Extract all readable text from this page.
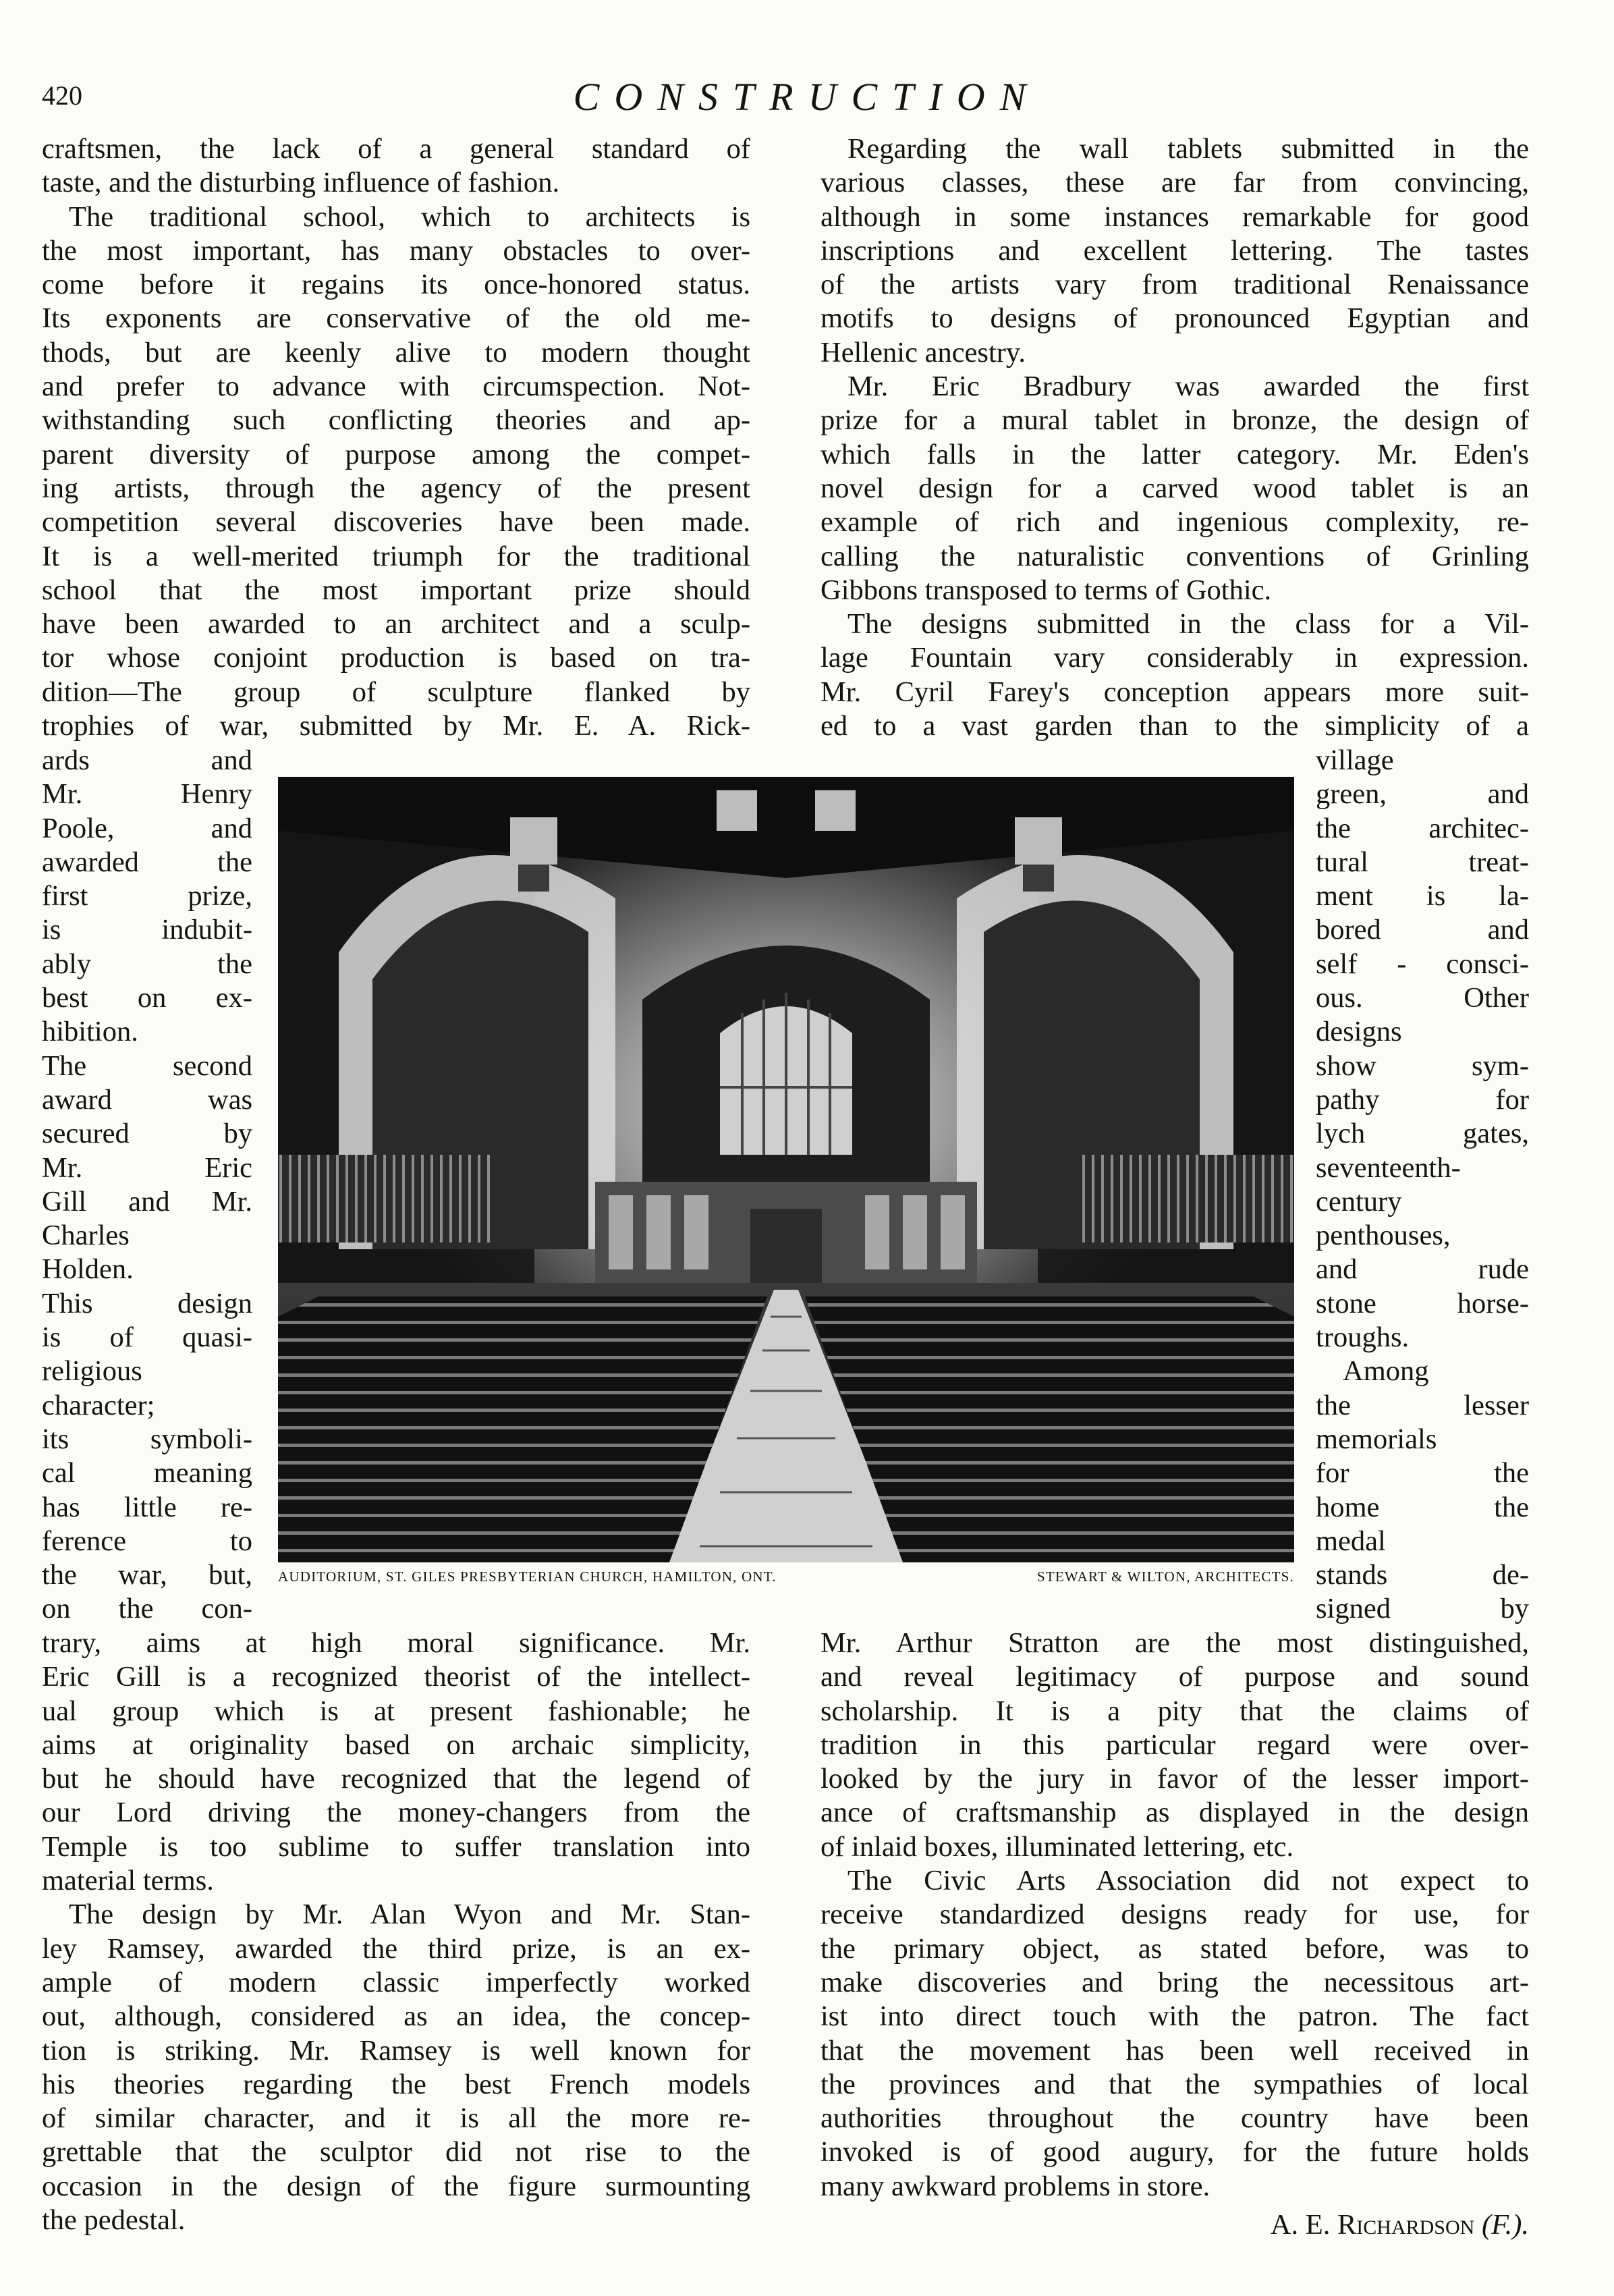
420	CONSTRUCTION
craftsmen, the lack of a general standard of
taste, and the disturbing influence of fashion.
The traditional school, which to architects is
the most important, has many obstacles to over-
come before it regains its once-honored status.
Its exponents are conservative of the old me-
thods, but are keenly alive to modern thought
and prefer to advance with circumspection. Not-
withstanding such conflicting theories and ap-
parent diversity of purpose among the compet-
ing artists, through the agency of the present
competition several discoveries have been made.
It is a well-merited triumph for the traditional
school that the most important prize should
have been awarded to an architect and a sculp-
tor whose conjoint production is based on tra-
dition—The group of sculpture flanked by
trophies of war, submitted by Mr. E. A. Rick-
ards and
Mr. Henry
Poole, and
awarded the
first prize,
is indubit-
ably the
best on ex-
hibition.
The second
award was
secured by
Mr. Eric
Gill and Mr.
Charles
Holden.
This design
is of quasi-
religious
character;
its symboli-
cal meaning
has little re-
ference to
the war, but,
on the con-
trary, aims at high moral significance. Mr.
Eric Gill is a recognized theorist of the intellect-
ual group which is at present fashionable; he
aims at originality based on archaic simplicity,
but he should have recognized that the legend of
our Lord driving the money-changers from the
Temple is too sublime to suffer translation into
material terms.
The design by Mr. Alan Wyon and Mr. Stan-
ley Ramsey, awarded the third prize, is an ex-
ample of modern classic imperfectly worked
out, although, considered as an idea, the concep-
tion is striking. Mr. Ramsey is well known for
his theories regarding the best French models
of similar character, and it is all the more re-
grettable that the sculptor did not rise to the
occasion in the design of the figure surmounting
the pedestal.
Regarding the wall tablets submitted in the
various classes, these are far from convincing,
although in some instances remarkable for good
inscriptions and excellent lettering. The tastes
of the artists vary from traditional Renaissance
motifs to designs of pronounced Egyptian and
Hellenic ancestry.
Mr. Eric Bradbury was awarded the first
prize for a mural tablet in bronze, the design of
which falls in the latter category. Mr. Eden's
novel design for a carved wood tablet is an
example of rich and ingenious complexity, re-
calling the naturalistic conventions of Grinling
Gibbons transposed to terms of Gothic.
The designs submitted in the class for a Vil-
lage Fountain vary considerably in expression.
Mr. Cyril Farey's conception appears more suit-
ed to a vast garden than to the simplicity of a
village
green, and
the architec-
tural treat-
ment is la-
bored and
self - consci-
ous. Other
designs
show sym-
pathy for
lych gates,
seventeenth-
century
penthouses,
and rude
stone horse-
troughs.
Among
the lesser
memorials
for the
home the
medal
stands de-
signed by
Mr. Arthur Stratton are the most distinguished,
and reveal legitimacy of purpose and sound
scholarship. It is a pity that the claims of
tradition in this particular regard were over-
looked by the jury in favor of the lesser import-
ance of craftsmanship as displayed in the design
of inlaid boxes, illuminated lettering, etc.
The Civic Arts Association did not expect to
receive standardized designs ready for use, for
the primary object, as stated before, was to
make discoveries and bring the necessitous art-
ist into direct touch with the patron. The fact
that the movement has been well received in
the provinces and that the sympathies of local
authorities throughout the country have been
invoked is of good augury, for the future holds
many awkward problems in store.
A. E. Richardson (F.).
AUDITORIUM, ST. GILES PRESBYTERIAN CHURCH, HAMILTON, ONT.	STEWART & WILTON, ARCHITECTS.
